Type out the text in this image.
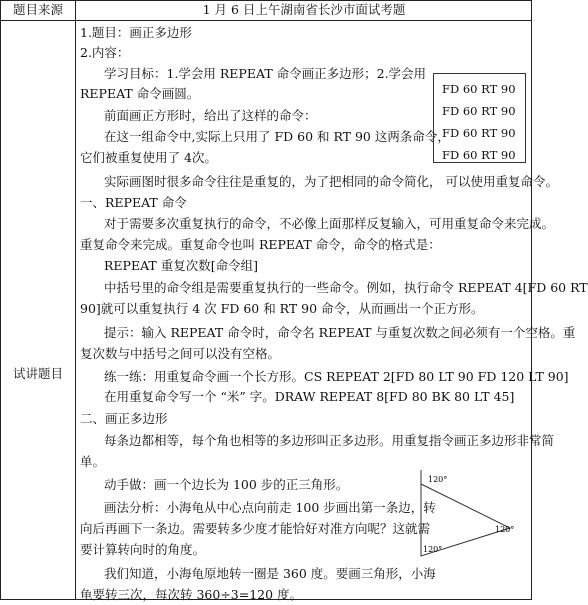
题目来源	1 月 6 日上午湖南省长沙市面试考题
试讲题目
1.题目：画正多边形
2.内容：
学习目标：1.学会用 REPEAT 命令画正多边形；2.学会用
REPEAT 命令画圆。
前面画正方形时，给出了这样的命令：
在这一组命令中,实际上只用了 FD 60 和 RT 90 这两条命令，
它们被重复使用了 4次。
实际画图时很多命令往往是重复的，为了把相同的命令简化， 可以使用重复命令。
一、REPEAT 命令
对于需要多次重复执行的命令，不必像上面那样反复输入，可用重复命令来完成。
重复命令来完成。重复命令也叫 REPEAT 命令，命令的格式是：
REPEAT 重复次数[命令组]
中括号里的命令组是需要重复执行的一些命令。例如，执行命令 REPEAT 4[FD 60 RT
90]就可以重复执行 4 次 FD 60 和 RT 90 命令，从而画出一个正方形。
提示：输入 REPEAT 命令时，命令名 REPEAT 与重复次数之间必须有一个空格。重
复次数与中括号之间可以没有空格。
练一练：用重复命令画一个长方形。CS REPEAT 2[FD 80 LT 90 FD 120 LT 90]
在用重复命令写一个 “米” 字。DRAW REPEAT 8[FD 80 BK 80 LT 45]
二、画正多边形
每条边都相等，每个角也相等的多边形叫正多边形。用重复指令画正多边形非常简
单。
动手做：画一个边长为 100 步的正三角形。
画法分析：小海龟从中心点向前走 100 步画出第一条边，转
向后再画下一条边。需要转多少度才能恰好对准方向呢？这就需
要计算转向时的角度。
我们知道，小海龟原地转一圈是 360 度。要画三角形，小海
龟要转三次，每次转 360÷3=120 度。
FD 60 RT 90
FD 60 RT 90
FD 60 RT 90
FD 60 RT 90
120°
120°
120°
